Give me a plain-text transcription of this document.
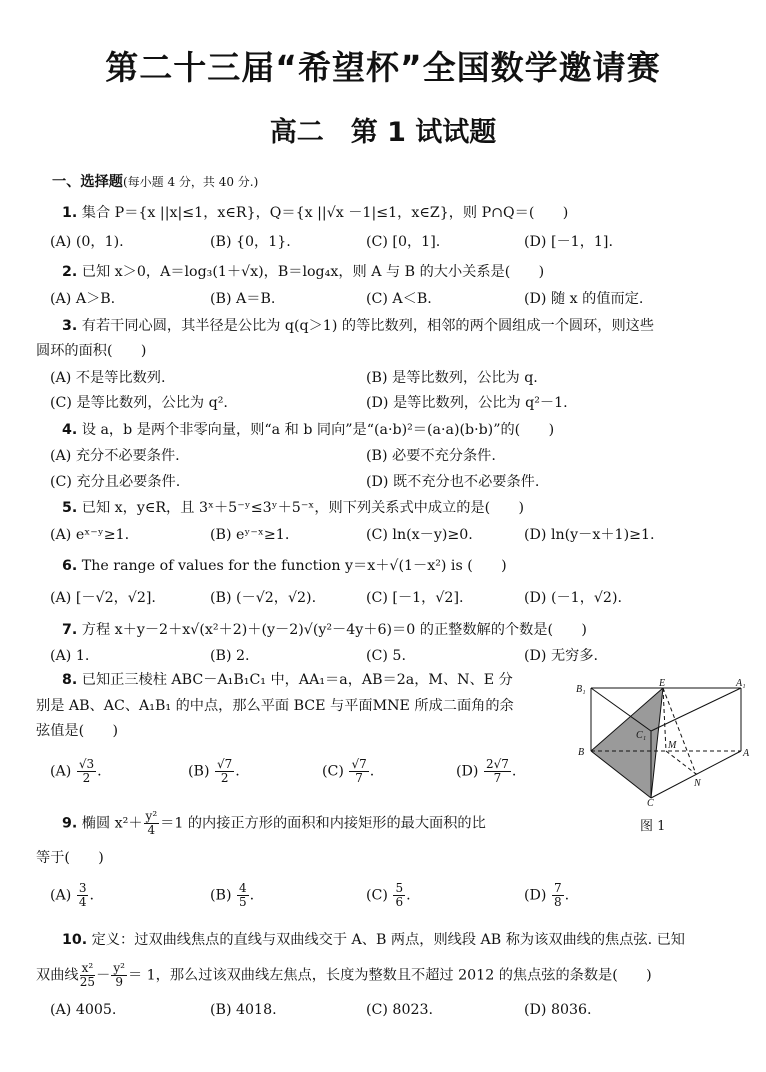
第二十三届“希望杯”全国数学邀请赛
高二　第 1 试试题
一、选择题(每小题 4 分，共 40 分.)
1. 集合 P＝{x ||x|≤1，x∈R}，Q＝{x ||√x －1|≤1，x∈Z}，则 P∩Q＝(　　)
(A) (0，1).	(B) {0，1}.	(C) [0，1].	(D) [－1，1].
2. 已知 x＞0，A＝log₃(1＋√x)，B＝log₄x，则 A 与 B 的大小关系是(　　)
(A) A＞B.	(B) A＝B.	(C) A＜B.	(D) 随 x 的值而定.
3. 有若干同心圆，其半径是公比为 q(q＞1) 的等比数列，相邻的两个圆组成一个圆环，则这些
圆环的面积(　　)
(A) 不是等比数列.	(B) 是等比数列，公比为 q.
(C) 是等比数列，公比为 q².	(D) 是等比数列，公比为 q²－1.
4. 设 a，b 是两个非零向量，则“a 和 b 同向”是“(a·b)²＝(a·a)(b·b)”的(　　)
(A) 充分不必要条件.	(B) 必要不充分条件.
(C) 充分且必要条件.	(D) 既不充分也不必要条件.
5. 已知 x，y∈R，且 3ˣ＋5⁻ʸ≤3ʸ＋5⁻ˣ，则下列关系式中成立的是(　　)
(A) eˣ⁻ʸ≥1.	(B) eʸ⁻ˣ≥1.	(C) ln(x－y)≥0.	(D) ln(y－x＋1)≥1.
6. The range of values for the function y＝x＋√(1－x²) is (　　)
(A) [－√2，√2].	(B) (－√2，√2).	(C) [－1，√2].	(D) (－1，√2).
7. 方程 x＋y－2＋x√(x²＋2)＋(y－2)√(y²－4y＋6)＝0 的正整数解的个数是(　　)
(A) 1.	(B) 2.	(C) 5.	(D) 无穷多.
8. 已知正三棱柱 ABC－A₁B₁C₁ 中，AA₁＝a，AB＝2a，M、N、E 分
别是 AB、AC、A₁B₁ 的中点，那么平面 BCE 与平面MNE 所成二面角的余
弦值是(　　)
$(A) \frac{√3}{2}$ .	$(B) \frac{√7}{2}$ .	$(C) \frac{√7}{7}$ .	$(D) \frac{2√7}{7}$ .
B₁
E	A₁
C₁
M
B	A
N
C
图 1
9. 椭圆 $x^2+ \frac{\text{y²}}{4} =1$ 的内接正方形的面积和内接矩形的最大面积的比
等于(　　)
$(A) \frac{3}{4}$ .	$(B) \frac{4}{5}$ .	$(C) \frac{5}{6}$ .	$(D) \frac{7}{8}$ .
10. 定义：过双曲线焦点的直线与双曲线交于 A、B 两点，则线段 AB 称为该双曲线的焦点弦. 已知
双曲线 $\frac{\text{x²}}{25} - \frac{\text{y²}}{9} = 1$，那么过该双曲线左焦点，长度为整数且不超过 2012 的焦点弦的条数是(　　)
(A) 4005.	(B) 4018.	(C) 8023.	(D) 8036.
